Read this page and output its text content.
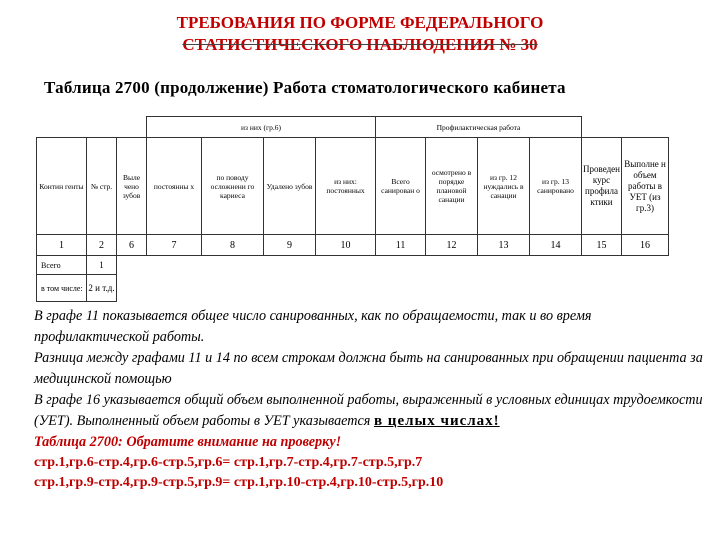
ТРЕБОВАНИЯ ПО ФОРМЕ ФЕДЕРАЛЬНОГО
СТАТИСТИЧЕСКОГО НАБЛЮДЕНИЯ № 30
Таблица 2700 (продолжение) Работа стоматологического кабинета
			из них (гр.6)				Профилактическая работа					
Контин генты	№ стр.	Выле чено зубов	постоянны х	по поводу осложнени го кариеса	Удалено зубов	из них: постоянных	Всего санирован о	осмотрено в порядке плановой санации	из гр. 12 нуждались в санации	из гр. 13 санировано	Проведен курс профила ктики	Выполне н объем работы в УЕТ (из гр.3)
1	2	6	7	8	9	10	11	12	13	14	15	16
Всего	1											
в том числе:	2 и т.д.											

В графе 11 показывается общее число санированных, как по обращаемости, так и во время профилактической работы.

Разница между графами 11 и 14 по всем строкам должна быть на санированных при обращении пациента за медицинской помощью

В графе 16 указывается общий объем выполненной работы, выраженный в условных единицах трудоемкости (УЕТ). Выполненный объем работы в УЕТ указывается в целых числах!

Таблица 2700: Обратите внимание на проверку!

стр.1,гр.6-стр.4,гр.6-стр.5,гр.6= стр.1,гр.7-стр.4,гр.7-стр.5,гр.7
стр.1,гр.9-стр.4,гр.9-стр.5,гр.9= стр.1,гр.10-стр.4,гр.10-стр.5,гр.10
